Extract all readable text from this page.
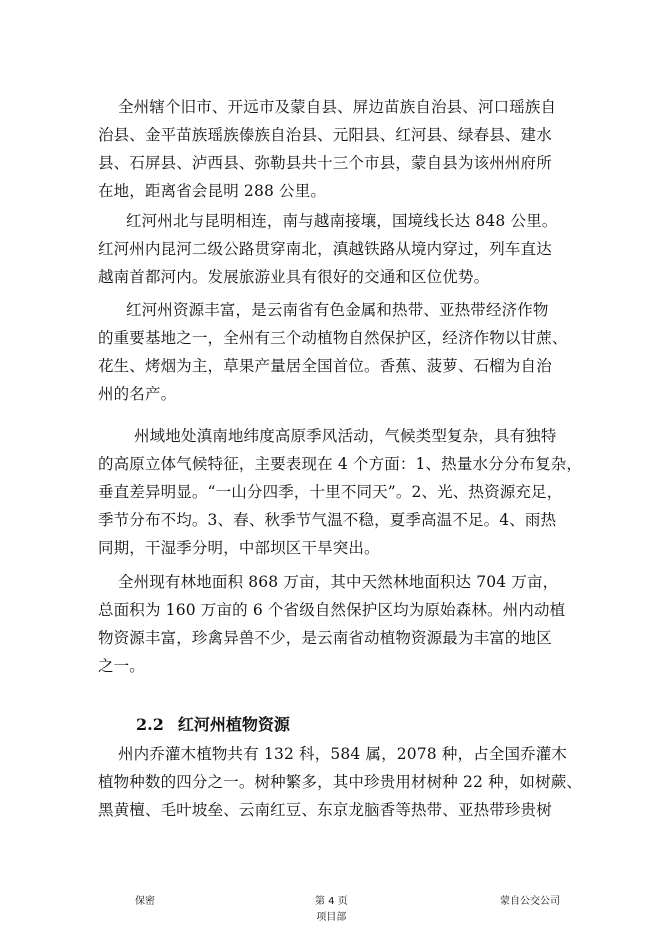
全州辖个旧市、开远市及蒙自县、屏边苗族自治县、河口瑶族自
治县、金平苗族瑶族傣族自治县、元阳县、红河县、绿春县、建水
县、石屏县、泸西县、弥勒县共十三个市县，蒙自县为该州州府所
在地，距离省会昆明 288 公里。

红河州北与昆明相连，南与越南接壤，国境线长达 848 公里。
红河州内昆河二级公路贯穿南北，滇越铁路从境内穿过，列车直达
越南首都河内。发展旅游业具有很好的交通和区位优势。

红河州资源丰富，是云南省有色金属和热带、亚热带经济作物
的重要基地之一，全州有三个动植物自然保护区，经济作物以甘蔗、
花生、烤烟为主，草果产量居全国首位。香蕉、菠萝、石榴为自治
州的名产。

州域地处滇南地纬度高原季风活动，气候类型复杂，具有独特
的高原立体气候特征，主要表现在 4 个方面：1、热量水分分布复杂，
垂直差异明显。“一山分四季，十里不同天”。2、光、热资源充足，
季节分布不均。3、春、秋季节气温不稳，夏季高温不足。4、雨热
同期，干湿季分明，中部坝区干旱突出。

全州现有林地面积 868 万亩，其中天然林地面积达 704 万亩，
总面积为 160 万亩的 6 个省级自然保护区均为原始森林。州内动植
物资源丰富，珍禽异兽不少，是云南省动植物资源最为丰富的地区
之一。

2.2 红河州植物资源

州内乔灌木植物共有 132 科，584 属，2078 种，占全国乔灌木
植物种数的四分之一。树种繁多，其中珍贵用材树种 22 种，如树蕨、
黑黄檀、毛叶坡垒、云南红豆、东京龙脑香等热带、亚热带珍贵树

保密	第 4 页
项目部
蒙自公交公司
